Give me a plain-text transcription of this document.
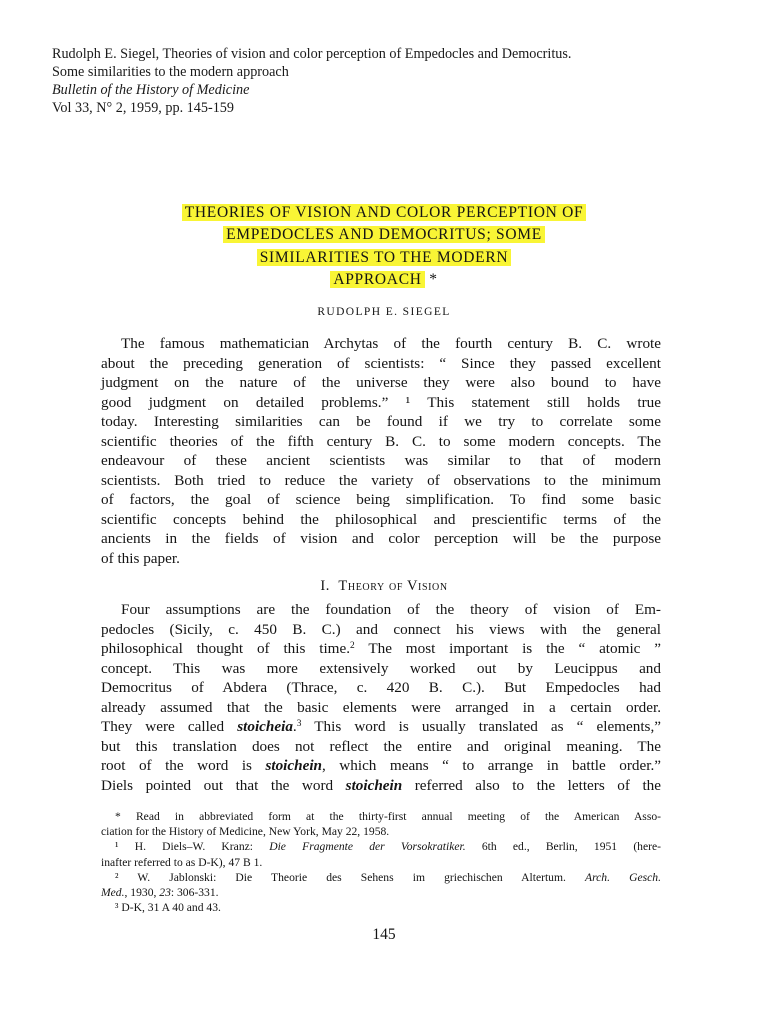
Rudolph E. Siegel, Theories of vision and color perception of Empedocles and Democritus.
Some similarities to the modern approach
Bulletin of the History of Medicine
Vol 33, N° 2, 1959, pp. 145-159
THEORIES OF VISION AND COLOR PERCEPTION OF
EMPEDOCLES AND DEMOCRITUS; SOME
SIMILARITIES TO THE MODERN
APPROACH *
RUDOLPH E. SIEGEL
The famous mathematician Archytas of the fourth century B. C. wrote
about the preceding generation of scientists: “ Since they passed excellent
judgment on the nature of the universe they were also bound to have
good judgment on detailed problems.” ¹ This statement still holds true
today. Interesting similarities can be found if we try to correlate some
scientific theories of the fifth century B. C. to some modern concepts. The
endeavour of these ancient scientists was similar to that of modern
scientists. Both tried to reduce the variety of observations to the minimum
of factors, the goal of science being simplification. To find some basic
scientific concepts behind the philosophical and prescientific terms of the
ancients in the fields of vision and color perception will be the purpose
of this paper.
I. Theory of Vision
Four assumptions are the foundation of the theory of vision of Em-
pedocles (Sicily, c. 450 B. C.) and connect his views with the general
philosophical thought of this time.$^2$ The most important is the “ atomic ”
concept. This was more extensively worked out by Leucippus and
Democritus of Abdera (Thrace, c. 420 B. C.). But Empedocles had
already assumed that the basic elements were arranged in a certain order.
They were called stoicheia.$^3$ This word is usually translated as “ elements,”
but this translation does not reflect the entire and original meaning. The
root of the word is stoichein, which means “ to arrange in battle order.”
Diels pointed out that the word stoichein referred also to the letters of the
* Read in abbreviated form at the thirty-first annual meeting of the American Asso-
ciation for the History of Medicine, New York, May 22, 1958.
¹ H. Diels–W. Kranz: Die Fragmente der Vorsokratiker. 6th ed., Berlin, 1951 (here-
inafter referred to as D-K), 47 B 1.
² W. Jablonski: Die Theorie des Sehens im griechischen Altertum. Arch. Gesch.
Med., 1930, 23: 306-331.
³ D-K, 31 A 40 and 43.
145
